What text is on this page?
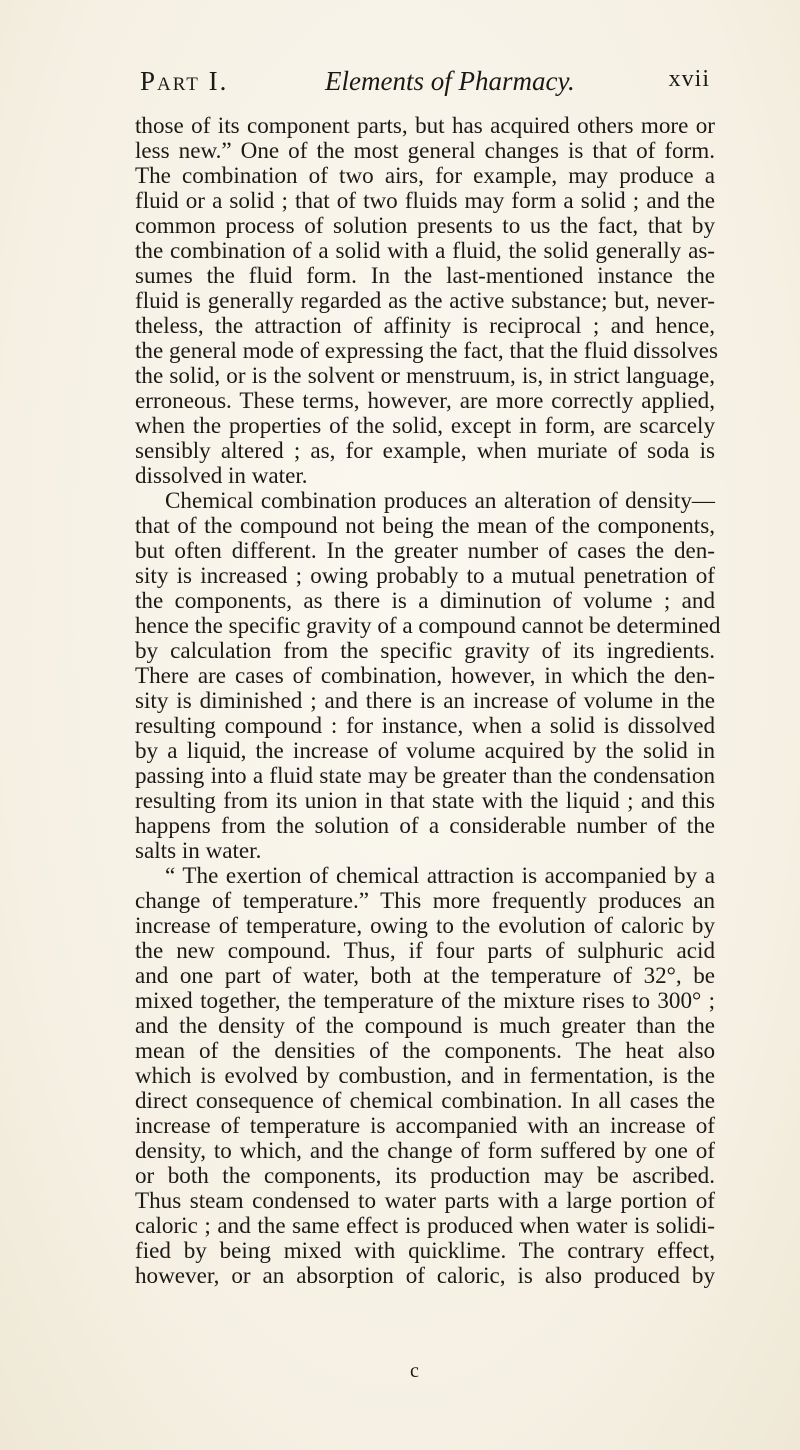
Part I.	Elements of Pharmacy.	xvii
those of its component parts, but has acquired others more or
less new.” One of the most general changes is that of form.
The combination of two airs, for example, may produce a
fluid or a solid ; that of two fluids may form a solid ; and the
common process of solution presents to us the fact, that by
the combination of a solid with a fluid, the solid generally as-
sumes the fluid form. In the last-mentioned instance the
fluid is generally regarded as the active substance; but, never-
theless, the attraction of affinity is reciprocal ; and hence,
the general mode of expressing the fact, that the fluid dissolves
the solid, or is the solvent or menstruum, is, in strict language,
erroneous. These terms, however, are more correctly applied,
when the properties of the solid, except in form, are scarcely
sensibly altered ; as, for example, when muriate of soda is
dissolved in water.
Chemical combination produces an alteration of density—
that of the compound not being the mean of the components,
but often different. In the greater number of cases the den-
sity is increased ; owing probably to a mutual penetration of
the components, as there is a diminution of volume ; and
hence the specific gravity of a compound cannot be determined
by calculation from the specific gravity of its ingredients.
There are cases of combination, however, in which the den-
sity is diminished ; and there is an increase of volume in the
resulting compound : for instance, when a solid is dissolved
by a liquid, the increase of volume acquired by the solid in
passing into a fluid state may be greater than the condensation
resulting from its union in that state with the liquid ; and this
happens from the solution of a considerable number of the
salts in water.
“ The exertion of chemical attraction is accompanied by a
change of temperature.” This more frequently produces an
increase of temperature, owing to the evolution of caloric by
the new compound. Thus, if four parts of sulphuric acid
and one part of water, both at the temperature of 32°, be
mixed together, the temperature of the mixture rises to 300° ;
and the density of the compound is much greater than the
mean of the densities of the components. The heat also
which is evolved by combustion, and in fermentation, is the
direct consequence of chemical combination. In all cases the
increase of temperature is accompanied with an increase of
density, to which, and the change of form suffered by one of
or both the components, its production may be ascribed.
Thus steam condensed to water parts with a large portion of
caloric ; and the same effect is produced when water is solidi-
fied by being mixed with quicklime. The contrary effect,
however, or an absorption of caloric, is also produced by
c
